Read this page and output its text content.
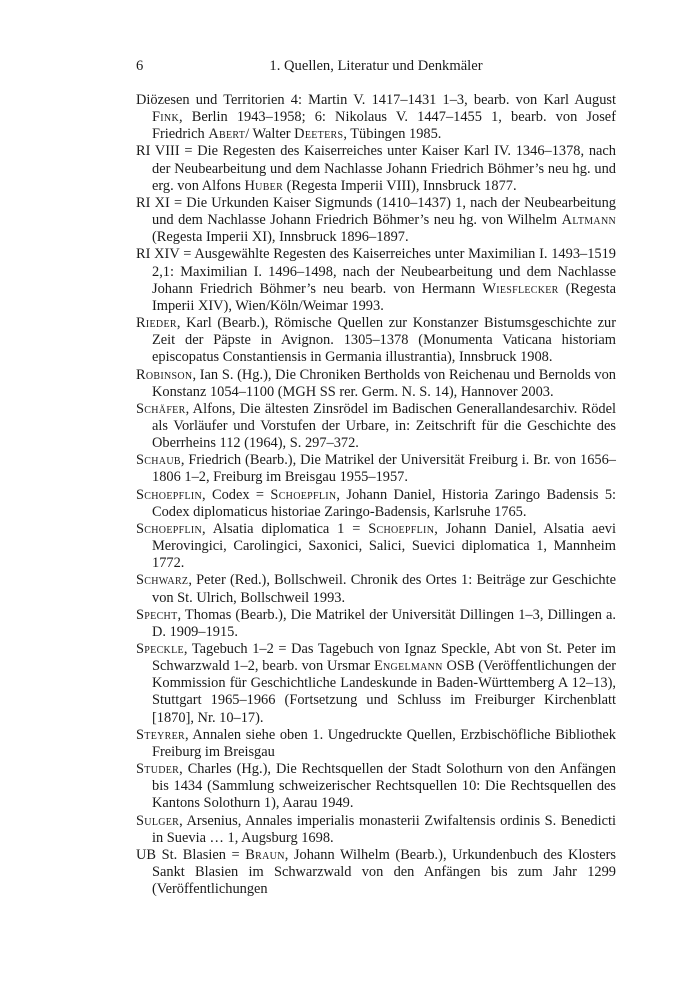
6	1. Quellen, Literatur und Denkmäler

Diözesen und Territorien 4: Martin V. 1417–1431 1–3, bearb. von Karl August Fink, Berlin 1943–1958; 6: Nikolaus V. 1447–1455 1, bearb. von Josef Friedrich Abert/ Walter Deeters, Tübingen 1985.

RI VIII = Die Regesten des Kaiserreiches unter Kaiser Karl IV. 1346–1378, nach der Neubearbeitung und dem Nachlasse Johann Friedrich Böhmer’s neu hg. und erg. von Alfons Huber (Regesta Imperii VIII), Innsbruck 1877.

RI XI = Die Urkunden Kaiser Sigmunds (1410–1437) 1, nach der Neubearbeitung und dem Nachlasse Johann Friedrich Böhmer’s neu hg. von Wilhelm Altmann (Regesta Imperii XI), Innsbruck 1896–1897.

RI XIV = Ausgewählte Regesten des Kaiserreiches unter Maximilian I. 1493–1519 2,1: Maximilian I. 1496–1498, nach der Neubearbeitung und dem Nachlasse Johann Friedrich Böhmer’s neu bearb. von Hermann Wiesflecker (Regesta Imperii XIV), Wien/Köln/Weimar 1993.

Rieder, Karl (Bearb.), Römische Quellen zur Konstanzer Bistumsgeschichte zur Zeit der Päpste in Avignon. 1305–1378 (Monumenta Vaticana historiam episcopatus Constantiensis in Germania illustrantia), Innsbruck 1908.

Robinson, Ian S. (Hg.), Die Chroniken Bertholds von Reichenau und Bernolds von Konstanz 1054–1100 (MGH SS rer. Germ. N. S. 14), Hannover 2003.

Schäfer, Alfons, Die ältesten Zinsrödel im Badischen Generallandesarchiv. Rödel als Vorläufer und Vorstufen der Urbare, in: Zeitschrift für die Geschichte des Oberrheins 112 (1964), S. 297–372.

Schaub, Friedrich (Bearb.), Die Matrikel der Universität Freiburg i. Br. von 1656–1806 1–2, Freiburg im Breisgau 1955–1957.

Schoepflin, Codex = Schoepflin, Johann Daniel, Historia Zaringo Badensis 5: Codex diplomaticus historiae Zaringo-Badensis, Karlsruhe 1765.

Schoepflin, Alsatia diplomatica 1 = Schoepflin, Johann Daniel, Alsatia aevi Merovingici, Carolingici, Saxonici, Salici, Suevici diplomatica 1, Mannheim 1772.

Schwarz, Peter (Red.), Bollschweil. Chronik des Ortes 1: Beiträge zur Geschichte von St. Ulrich, Bollschweil 1993.

Specht, Thomas (Bearb.), Die Matrikel der Universität Dillingen 1–3, Dillingen a. D. 1909–1915.

Speckle, Tagebuch 1–2 = Das Tagebuch von Ignaz Speckle, Abt von St. Peter im Schwarzwald 1–2, bearb. von Ursmar Engelmann OSB (Veröffentlichungen der Kommission für Geschichtliche Landeskunde in Baden-Württemberg A 12–13), Stuttgart 1965–1966 (Fortsetzung und Schluss im Freiburger Kirchenblatt [1870], Nr. 10–17).

Steyrer, Annalen siehe oben 1. Ungedruckte Quellen, Erzbischöfliche Bibliothek Freiburg im Breisgau

Studer, Charles (Hg.), Die Rechtsquellen der Stadt Solothurn von den Anfängen bis 1434 (Sammlung schweizerischer Rechtsquellen 10: Die Rechtsquellen des Kantons Solothurn 1), Aarau 1949.

Sulger, Arsenius, Annales imperialis monasterii Zwifaltensis ordinis S. Benedicti in Suevia … 1, Augsburg 1698.

UB St. Blasien = Braun, Johann Wilhelm (Bearb.), Urkundenbuch des Klosters Sankt Blasien im Schwarzwald von den Anfängen bis zum Jahr 1299 (Veröffentlichungen
